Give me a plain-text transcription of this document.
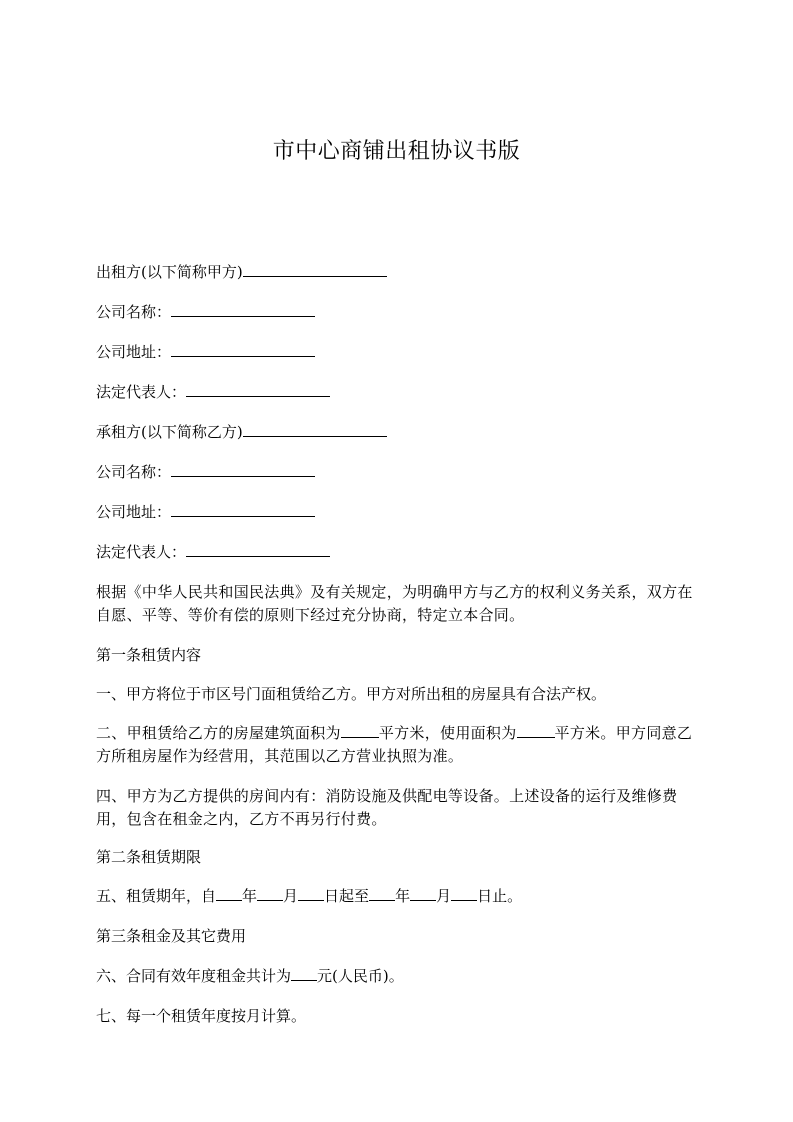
市中心商铺出租协议书版
出租方(以下简称甲方)
公司名称：
公司地址：
法定代表人：
承租方(以下简称乙方)
公司名称：
公司地址：
法定代表人：
根据《中华人民共和国民法典》及有关规定，为明确甲方与乙方的权利义务关系，双方在自愿、平等、等价有偿的原则下经过充分协商，特定立本合同。
第一条租赁内容
一、甲方将位于市区号门面租赁给乙方。甲方对所出租的房屋具有合法产权。
二、甲租赁给乙方的房屋建筑面积为	平方米，使用面积为	平方米。甲方同意乙方所租房屋作为经营用，其范围以乙方营业执照为准。
四、甲方为乙方提供的房间内有：消防设施及供配电等设备。上述设备的运行及维修费用，包含在租金之内，乙方不再另行付费。
第二条租赁期限
五、租赁期年，自 年 月 日起至 年 月 日止。
第三条租金及其它费用
六、合同有效年度租金共计为 元(人民币)。
七、每一个租赁年度按月计算。
